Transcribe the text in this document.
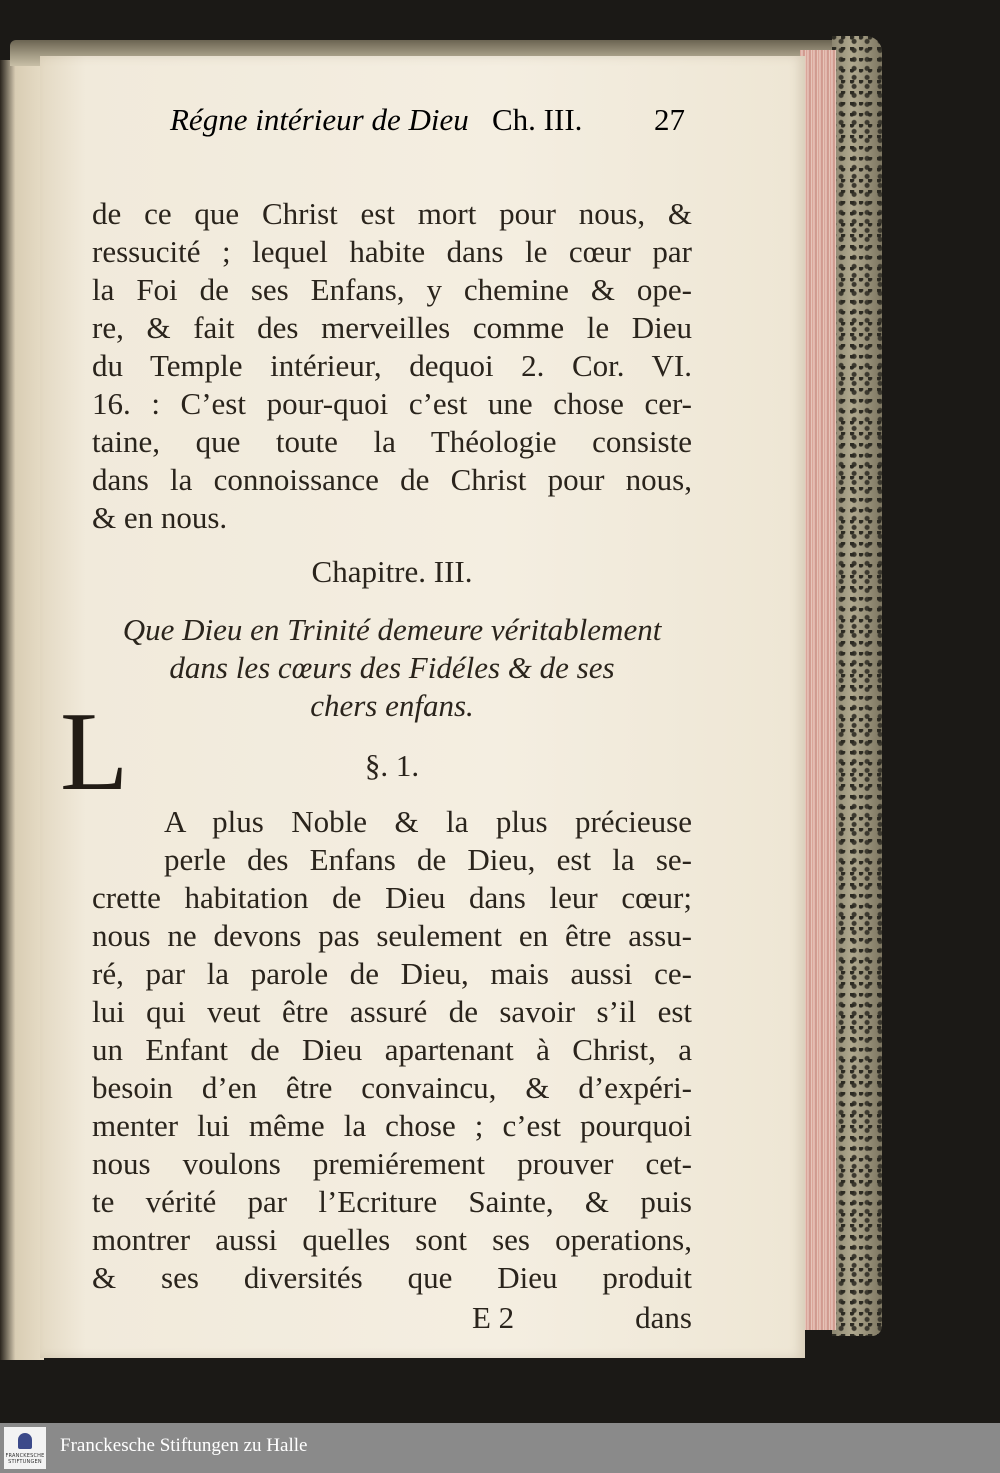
Régne intérieur de Dieu Ch. III. 27
de ce que Christ est mort pour nous, &
ressucité ; lequel habite dans le cœur par
la Foi de ses Enfans, y chemine & ope-
re, & fait des merveilles comme le Dieu
du Temple intérieur, dequoi 2. Cor. VI.
16. : C’est pour-quoi c’est une chose cer-
taine, que toute la Théologie consiste
dans la connoissance de Christ pour nous,
& en nous.
Chapitre. III.
Que Dieu en Trinité demeure véritablement
dans les cœurs des Fidéles & de ses
chers enfans.
§. 1.
A plus Noble & la plus précieuse
perle des Enfans de Dieu, est la se-
crette habitation de Dieu dans leur cœur;
nous ne devons pas seulement en être assu-
ré, par la parole de Dieu, mais aussi ce-
lui qui veut être assuré de savoir s’il est
un Enfant de Dieu apartenant à Christ, a
besoin d’en être convaincu, & d’expéri-
menter lui même la chose ; c’est pourquoi
nous voulons premiérement prouver cet-
te vérité par l’Ecriture Sainte, & puis
montrer aussi quelles sont ses operations,
& ses diversités que Dieu produit
E 2	dans
L
FRANCKESCHE STIFTUNGEN
Franckesche Stiftungen zu Halle
